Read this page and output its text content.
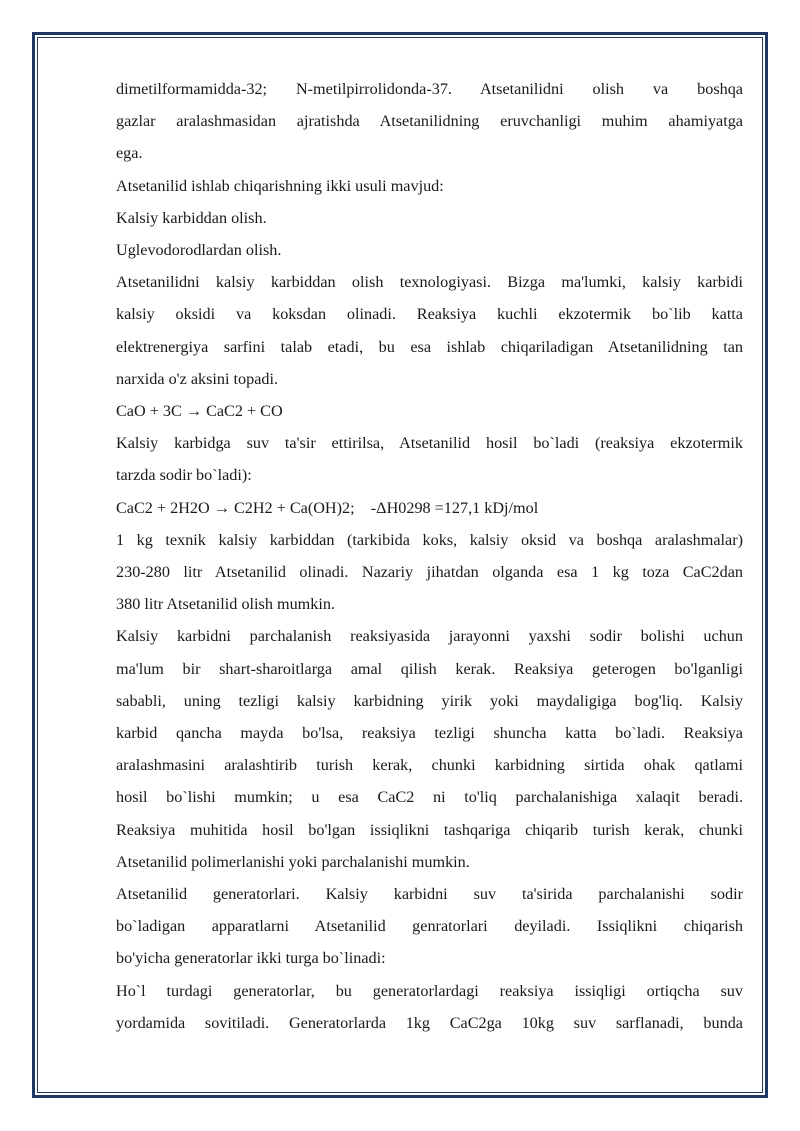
dimetilformamidda-32; N-metilpirrolidonda-37. Atsetanilidni olish va boshqa

gazlar aralashmasidan ajratishda Atsetanilidning eruvchanligi muhim ahamiyatga

ega.

Atsetanilid ishlab chiqarishning ikki usuli mavjud:

Kalsiy karbiddan olish.

Uglevodorodlardan olish.

Atsetanilidni kalsiy karbiddan olish texnologiyasi. Bizga ma'lumki, kalsiy karbidi

kalsiy oksidi va koksdan olinadi. Reaksiya kuchli ekzotermik bo`lib katta

elektrenergiya sarfini talab etadi, bu esa ishlab chiqariladigan Atsetanilidning tan

narxida o'z aksini topadi.

CaO + 3C → CaC2 + CO

Kalsiy karbidga suv ta'sir ettirilsa, Atsetanilid hosil bo`ladi (reaksiya ekzotermik

tarzda sodir bo`ladi):

CaC2 + 2H2O → C2H2 + Ca(OH)2;    -ΔH0298 =127,1 kDj/mol

1 kg texnik kalsiy karbiddan (tarkibida koks, kalsiy oksid va boshqa aralashmalar)

230-280 litr Atsetanilid olinadi. Nazariy jihatdan olganda esa 1 kg toza CaC2dan

380 litr Atsetanilid olish mumkin.

Kalsiy karbidni parchalanish reaksiyasida jarayonni yaxshi sodir bolishi uchun

ma'lum bir shart-sharoitlarga amal qilish kerak. Reaksiya geterogen bo'lganligi

sababli, uning tezligi kalsiy karbidning yirik yoki maydaligiga bog'liq. Kalsiy

karbid qancha mayda bo'lsa, reaksiya tezligi shuncha katta bo`ladi. Reaksiya

aralashmasini aralashtirib turish kerak, chunki karbidning sirtida ohak qatlami

hosil bo`lishi mumkin; u esa CaC2 ni to'liq parchalanishiga xalaqit beradi.

Reaksiya muhitida hosil bo'lgan issiqlikni tashqariga chiqarib turish kerak, chunki

Atsetanilid polimerlanishi yoki parchalanishi mumkin.

Atsetanilid generatorlari. Kalsiy karbidni suv ta'sirida parchalanishi sodir

bo`ladigan apparatlarni Atsetanilid genratorlari deyiladi. Issiqlikni chiqarish

bo'yicha generatorlar ikki turga bo`linadi:

Ho`l turdagi generatorlar, bu generatorlardagi reaksiya issiqligi ortiqcha suv

yordamida sovitiladi. Generatorlarda 1kg CaC2ga 10kg suv sarflanadi, bunda
